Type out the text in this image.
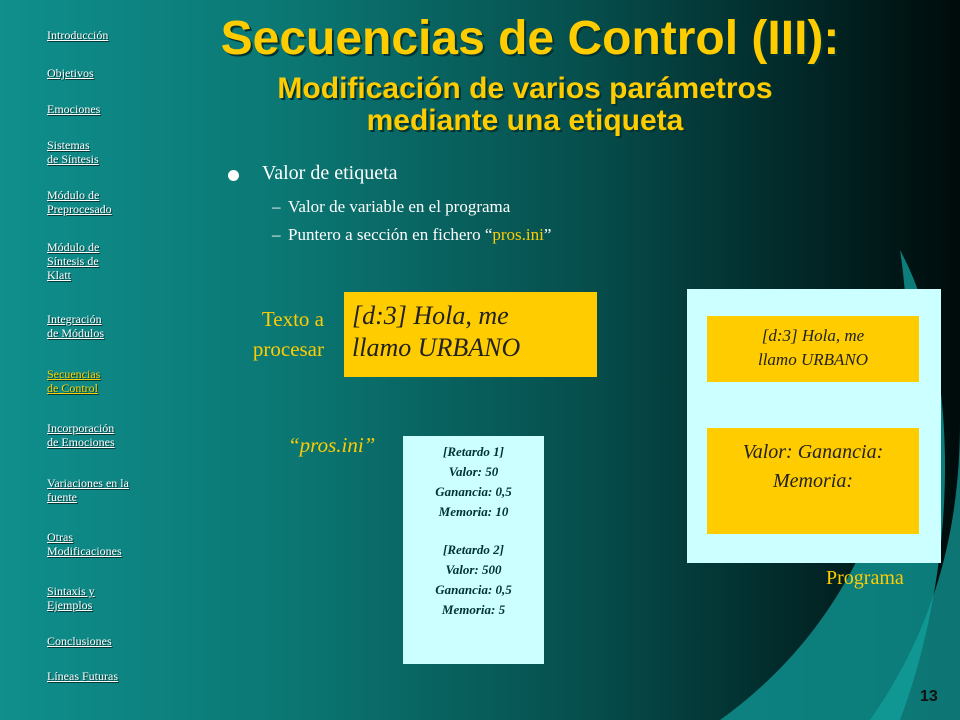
Introducción
Objetivos
Emociones
Sistemas
de Síntesis
Módulo de
Preprocesado
Módulo de
Síntesis de
Klatt
Integración
de Módulos
Secuencias
de Control
Incorporación
de Emociones
Variaciones en la
fuente
Otras
Modificaciones
Sintaxis y
Ejemplos
Conclusiones
Líneas Futuras
Secuencias de Control (III):
Modificación de varios parámetros
mediante una etiqueta
Valor de etiqueta
– Valor de variable en el programa
– Puntero a sección en fichero “pros.ini”
Texto a
procesar
[d:3] Hola, me
llamo URBANO
“pros.ini”	[Retardo 1]
Valor: 50
Ganancia: 0,5
Memoria: 10
[Retardo 2]
Valor: 500
Ganancia: 0,5
Memoria: 5
[d:3] Hola, me
llamo URBANO
Valor: Ganancia:
Memoria:
Programa
13
